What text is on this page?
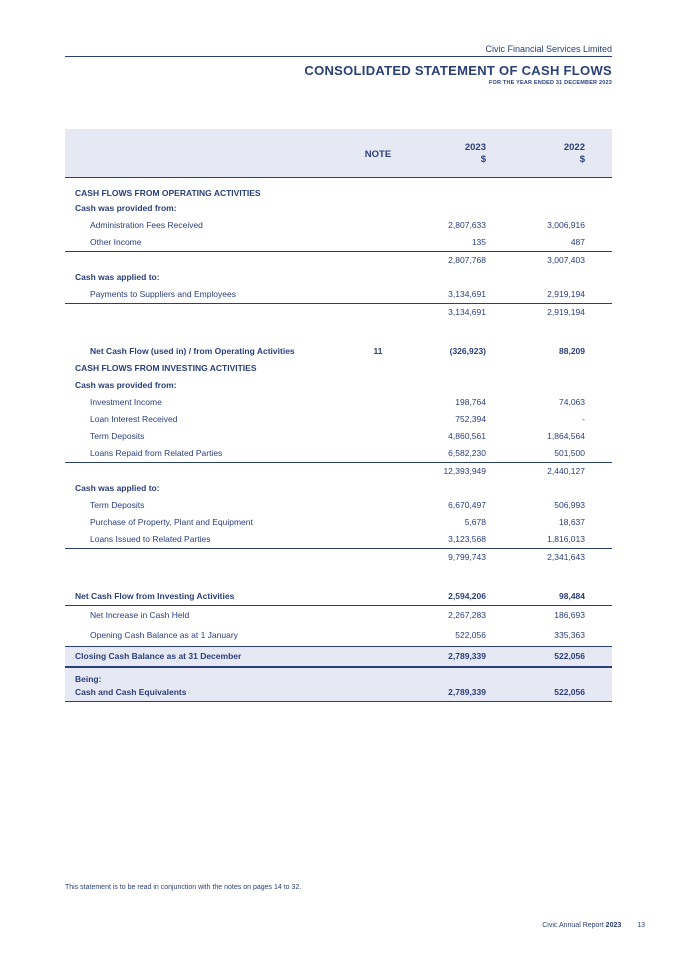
Civic Financial Services Limited
CONSOLIDATED STATEMENT OF CASH FLOWS
FOR THE YEAR ENDED 31 DECEMBER 2023
NOTE
2023
$
2022
$
CASH FLOWS FROM OPERATING ACTIVITIES
Cash was provided from:
Administration Fees Received	2,807,633	3,006,916
Other Income	135	487
2,807,768	3,007,403
Cash was applied to:
Payments to Suppliers and Employees	3,134,691	2,919,194
3,134,691	2,919,194
Net Cash Flow (used in) / from Operating Activities	11	(326,923)	88,209
CASH FLOWS FROM INVESTING ACTIVITIES
Cash was provided from:
Investment Income	198,764	74,063
Loan Interest Received	752,394	-
Term Deposits	4,860,561	1,864,564
Loans Repaid from Related Parties	6,582,230	501,500
12,393,949	2,440,127
Cash was applied to:
Term Deposits	6,670,497	506,993
Purchase of Property, Plant and Equipment	5,678	18,637
Loans Issued to Related Parties	3,123,568	1,816,013
9,799,743	2,341,643
Net Cash Flow from Investing Activities	2,594,206	98,484
Net Increase in Cash Held	2,267,283	186,693
Opening Cash Balance as at 1 January	522,056	335,363
Closing Cash Balance as at 31 December	2,789,339	522,056
Being:
Cash and Cash Equivalents	2,789,339	522,056
This statement is to be read in conjunction with the notes on pages 14 to 32.
Civic Annual Report 2023 13
